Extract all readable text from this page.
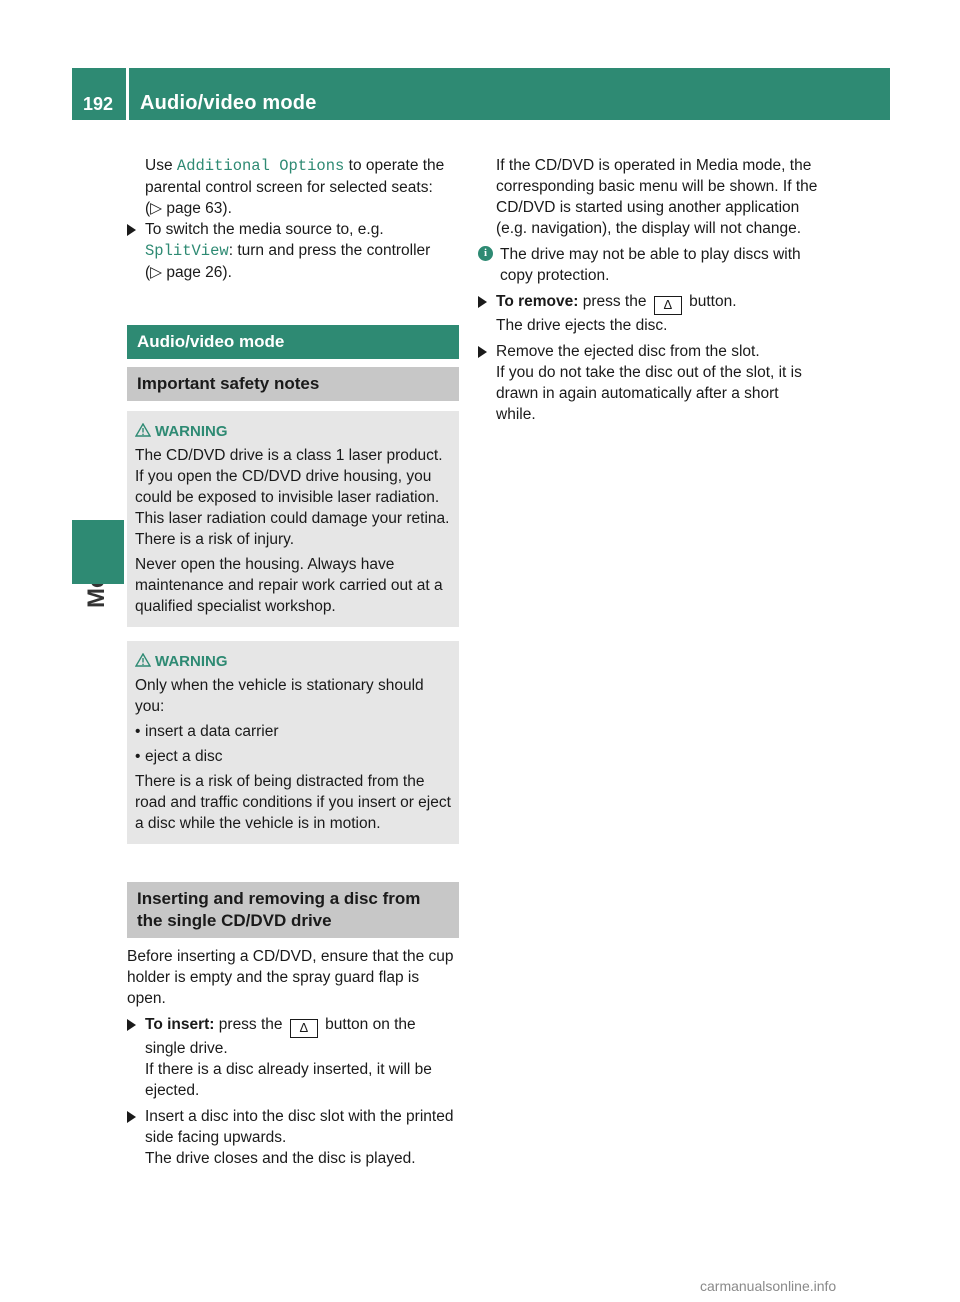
192	Audio/video mode

Use Additional Options to operate the parental control screen for selected seats:
(▷ page 63).

To switch the media source to, e.g.
SplitView: turn and press the controller
(▷ page 26).
Audio/video mode
Important safety notes
WARNING

The CD/DVD drive is a class 1 laser product. If you open the CD/DVD drive housing, you could be exposed to invisible laser radiation. This laser radiation could damage your retina. There is a risk of injury.

Never open the housing. Always have maintenance and repair work carried out at a qualified specialist workshop.

WARNING

Only when the vehicle is stationary should you:

• insert a data carrier

• eject a disc

There is a risk of being distracted from the road and traffic conditions if you insert or eject a disc while the vehicle is in motion.

Inserting and removing a disc from the single CD/DVD drive

Before inserting a CD/DVD, ensure that the cup holder is empty and the spray guard flap is open.

To insert: press the ∆ button on the single drive.
If there is a disc already inserted, it will be ejected.
Insert a disc into the disc slot with the printed side facing upwards.
The drive closes and the disc is played.

If the CD/DVD is operated in Media mode, the corresponding basic menu will be shown. If the CD/DVD is started using another application (e.g. navigation), the display will not change.

i The drive may not be able to play discs with copy protection.

To remove: press the ∆ button.
The drive ejects the disc.
Remove the ejected disc from the slot.
If you do not take the disc out of the slot, it is drawn in again automatically after a short while.
carmanualsonline.info
